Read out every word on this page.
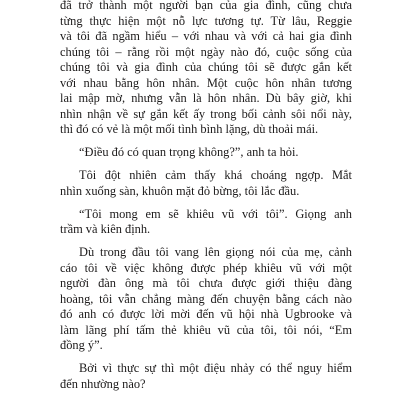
đã trở thành một người bạn của gia đình, cũng chưa
từng thực hiện một nỗ lực tương tự. Từ lâu, Reggie
và tôi đã ngầm hiểu – với nhau và với cả hai gia đình
chúng tôi – rằng rồi một ngày nào đó, cuộc sống của
chúng tôi và gia đình của chúng tôi sẽ được gắn kết
với nhau bằng hôn nhân. Một cuộc hôn nhân tương
lai mập mờ, nhưng vẫn là hôn nhân. Dù bây giờ, khi
nhìn nhận về sự gắn kết ấy trong bối cảnh sôi nổi này,
thì đó có vẻ là một mối tình bình lặng, dù thoải mái.
“Điều đó có quan trọng không?”, anh ta hỏi.
Tôi đột nhiên cảm thấy khá choáng ngợp. Mắt
nhìn xuống sàn, khuôn mặt đỏ bừng, tôi lắc đầu.
“Tôi mong em sẽ khiêu vũ với tôi”. Giọng anh
trầm và kiên định.
Dù trong đầu tôi vang lên giọng nói của mẹ, cảnh
cáo tôi về việc không được phép khiêu vũ với một
người đàn ông mà tôi chưa được giới thiệu đàng
hoàng, tôi vẫn chẳng màng đến chuyện bằng cách nào
đó anh có được lời mời đến vũ hội nhà Ugbrooke và
làm lãng phí tấm thẻ khiêu vũ của tôi, tôi nói, “Em
đồng ý”.
Bởi vì thực sự thì một điệu nhảy có thể nguy hiểm
đến nhường nào?
